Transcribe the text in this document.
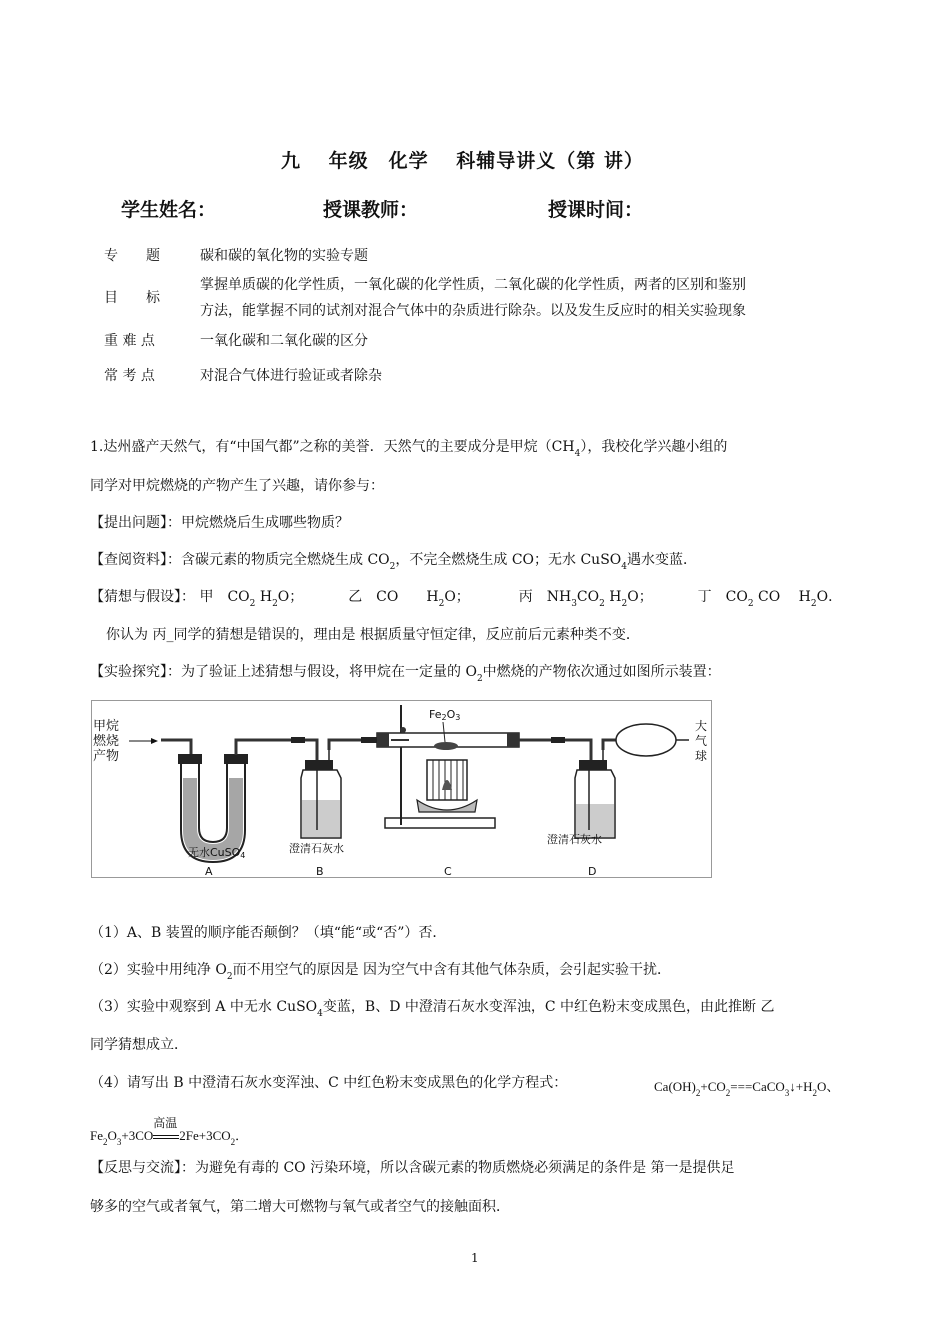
九　 年级　化学　 科辅导讲义（第 讲）
学生姓名：	授课教师：	授课时间：
专　　题	碳和碳的氧化物的实验专题
目　　标
掌握单质碳的化学性质，一氧化碳的化学性质，二氧化碳的化学性质，两者的区别和鉴别
方法，能掌握不同的试剂对混合气体中的杂质进行除杂。以及发生反应时的相关实验现象
重 难 点	一氧化碳和二氧化碳的区分
常 考 点	对混合气体进行验证或者除杂
1.达州盛产天然气，有“中国气都”之称的美誉．天然气的主要成分是甲烷$(CH_4)$，我校化学兴趣小组的
同学对甲烷燃烧的产物产生了兴趣，请你参与：
【提出问题】：甲烷燃烧后生成哪些物质？
【查阅资料】：含碳元素的物质完全燃烧生成 $CO_2$，不完全燃烧生成 CO；无水 CuSO$_4$遇水变蓝．
【猜想与假设】： 甲　$CO_2$ $H_2O$；	乙　CO　　$H_2O$；	丙　$NH_3CO_2$ $H_2O$；	丁　$CO_2$ CO　 $H_2O$．
你认为 丙_同学的猜想是错误的，理由是 根据质量守恒定律，反应前后元素种类不变．
【实验探究】：为了验证上述猜想与假设，将甲烷在一定量的 $O_2$中燃烧的产物依次通过如图所示装置：
甲烷
燃烧
产物
无水CuSO4
澄清石灰水
Fe2O3
澄清石灰水
大
气
球
A	B	C	D
（1）A、B 装置的顺序能否颠倒？（填“能“或“否”）否．
（2）实验中用纯净 $O_2$而不用空气的原因是 因为空气中含有其他气体杂质，会引起实验干扰．
（3）实验中观察到 A 中无水 CuSO$_4$变蓝，B、D 中澄清石灰水变浑浊，C 中红色粉末变成黑色，由此推断 乙
同学猜想成立．
（4）请写出 B 中澄清石灰水变浑浊、C 中红色粉末变成黑色的化学方程式：	$Ca(OH)_2+CO_2===CaCO_3↓+H_2O$、
$Fe_2O_3+3CO$
高温
$2Fe+3CO_2$．
【反思与交流】：为避免有毒的 CO 污染环境，所以含碳元素的物质燃烧必须满足的条件是 第一是提供足
够多的空气或者氧气，第二增大可燃物与氧气或者空气的接触面积．
1
